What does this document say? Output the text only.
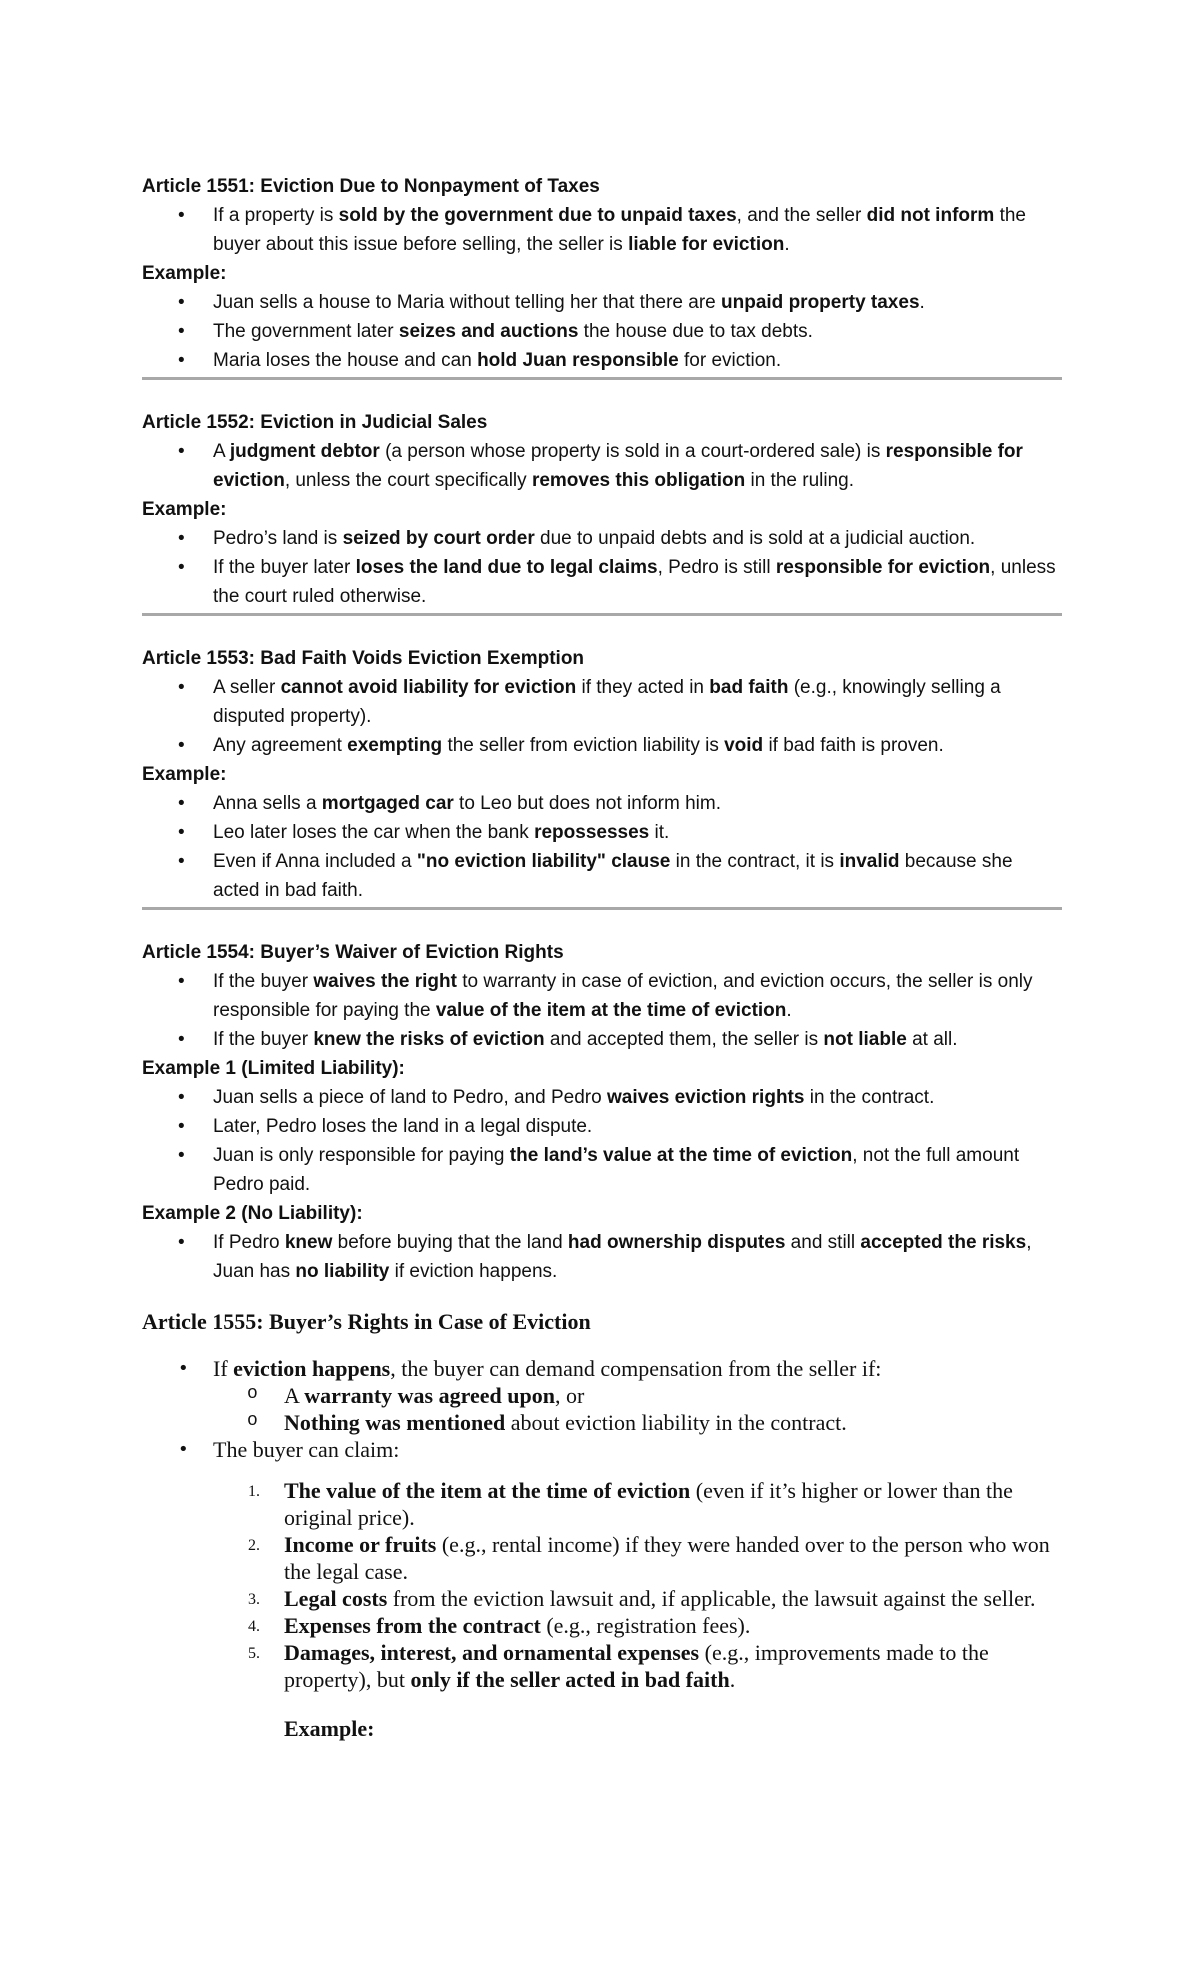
Article 1551: Eviction Due to Nonpayment of Taxes
• If a property is sold by the government due to unpaid taxes, and the seller did not inform the buyer about this issue before selling, the seller is liable for eviction.
Example:
• Juan sells a house to Maria without telling her that there are unpaid property taxes.
• The government later seizes and auctions the house due to tax debts.
• Maria loses the house and can hold Juan responsible for eviction.
Article 1552: Eviction in Judicial Sales
• A judgment debtor (a person whose property is sold in a court-ordered sale) is responsible for eviction, unless the court specifically removes this obligation in the ruling.
Example:
• Pedro’s land is seized by court order due to unpaid debts and is sold at a judicial auction.
• If the buyer later loses the land due to legal claims, Pedro is still responsible for eviction, unless the court ruled otherwise.
Article 1553: Bad Faith Voids Eviction Exemption
• A seller cannot avoid liability for eviction if they acted in bad faith (e.g., knowingly selling a disputed property).
• Any agreement exempting the seller from eviction liability is void if bad faith is proven.
Example:
• Anna sells a mortgaged car to Leo but does not inform him.
• Leo later loses the car when the bank repossesses it.
• Even if Anna included a "no eviction liability" clause in the contract, it is invalid because she acted in bad faith.
Article 1554: Buyer’s Waiver of Eviction Rights
• If the buyer waives the right to warranty in case of eviction, and eviction occurs, the seller is only responsible for paying the value of the item at the time of eviction.
• If the buyer knew the risks of eviction and accepted them, the seller is not liable at all.
Example 1 (Limited Liability):
• Juan sells a piece of land to Pedro, and Pedro waives eviction rights in the contract.
• Later, Pedro loses the land in a legal dispute.
• Juan is only responsible for paying the land’s value at the time of eviction, not the full amount Pedro paid.
Example 2 (No Liability):
• If Pedro knew before buying that the land had ownership disputes and still accepted the risks, Juan has no liability if eviction happens.
Article 1555: Buyer’s Rights in Case of Eviction
• If eviction happens, the buyer can demand compensation from the seller if:
o A warranty was agreed upon, or
o Nothing was mentioned about eviction liability in the contract.
• The buyer can claim:
1. The value of the item at the time of eviction (even if it’s higher or lower than the original price).
2. Income or fruits (e.g., rental income) if they were handed over to the person who won the legal case.
3. Legal costs from the eviction lawsuit and, if applicable, the lawsuit against the seller.
4. Expenses from the contract (e.g., registration fees).
5. Damages, interest, and ornamental expenses (e.g., improvements made to the property), but only if the seller acted in bad faith.
Example:
